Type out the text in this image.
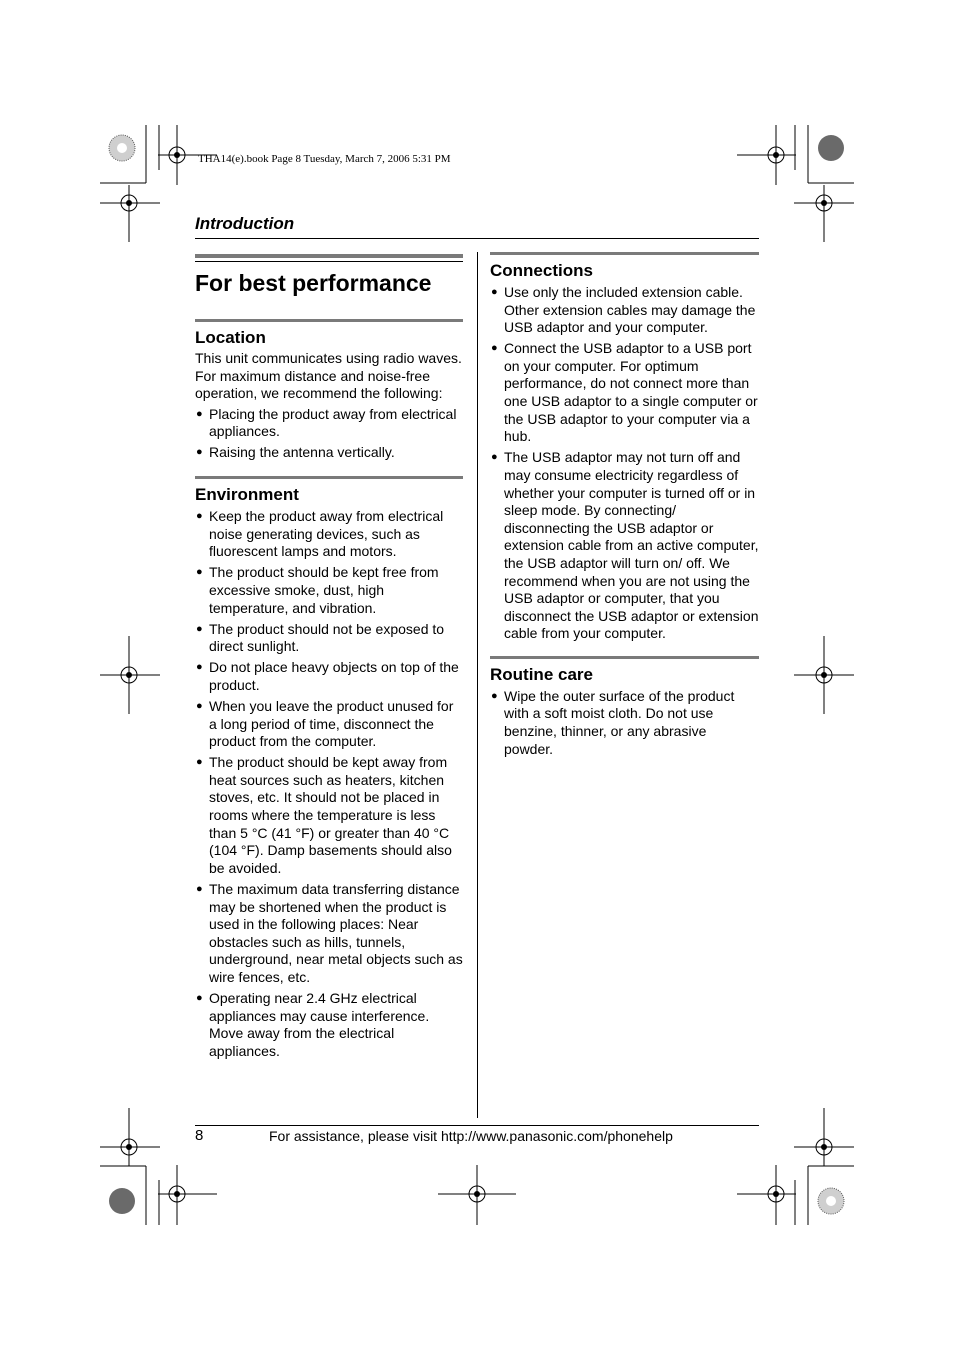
THA14(e).book Page 8 Tuesday, March 7, 2006 5:31 PM
Introduction
For best performance
Location

This unit communicates using radio waves.

For maximum distance and noise-free operation, we recommend the following:

● Placing the product away from electrical appliances.
● Raising the antenna vertically.
Environment
● Keep the product away from electrical noise generating devices, such as fluorescent lamps and motors.
● The product should be kept free from excessive smoke, dust, high temperature, and vibration.
● The product should not be exposed to direct sunlight.
● Do not place heavy objects on top of the product.
● When you leave the product unused for a long period of time, disconnect the product from the computer.
● The product should be kept away from heat sources such as heaters, kitchen stoves, etc. It should not be placed in rooms where the temperature is less than 5 °C (41 °F) or greater than 40 °C (104 °F). Damp basements should also be avoided.
● The maximum data transferring distance may be shortened when the product is used in the following places: Near obstacles such as hills, tunnels, underground, near metal objects such as wire fences, etc.
● Operating near 2.4 GHz electrical appliances may cause interference. Move away from the electrical appliances.
Connections
● Use only the included extension cable. Other extension cables may damage the USB adaptor and your computer.
● Connect the USB adaptor to a USB port on your computer. For optimum performance, do not connect more than one USB adaptor to a single computer or the USB adaptor to your computer via a hub.
● The USB adaptor may not turn off and may consume electricity regardless of whether your computer is turned off or in sleep mode. By connecting/ disconnecting the USB adaptor or extension cable from an active computer, the USB adaptor will turn on/ off. We recommend when you are not using the USB adaptor or computer, that you disconnect the USB adaptor or extension cable from your computer.
Routine care
● Wipe the outer surface of the product with a soft moist cloth. Do not use benzine, thinner, or any abrasive powder.
8	For assistance, please visit http://www.panasonic.com/phonehelp
